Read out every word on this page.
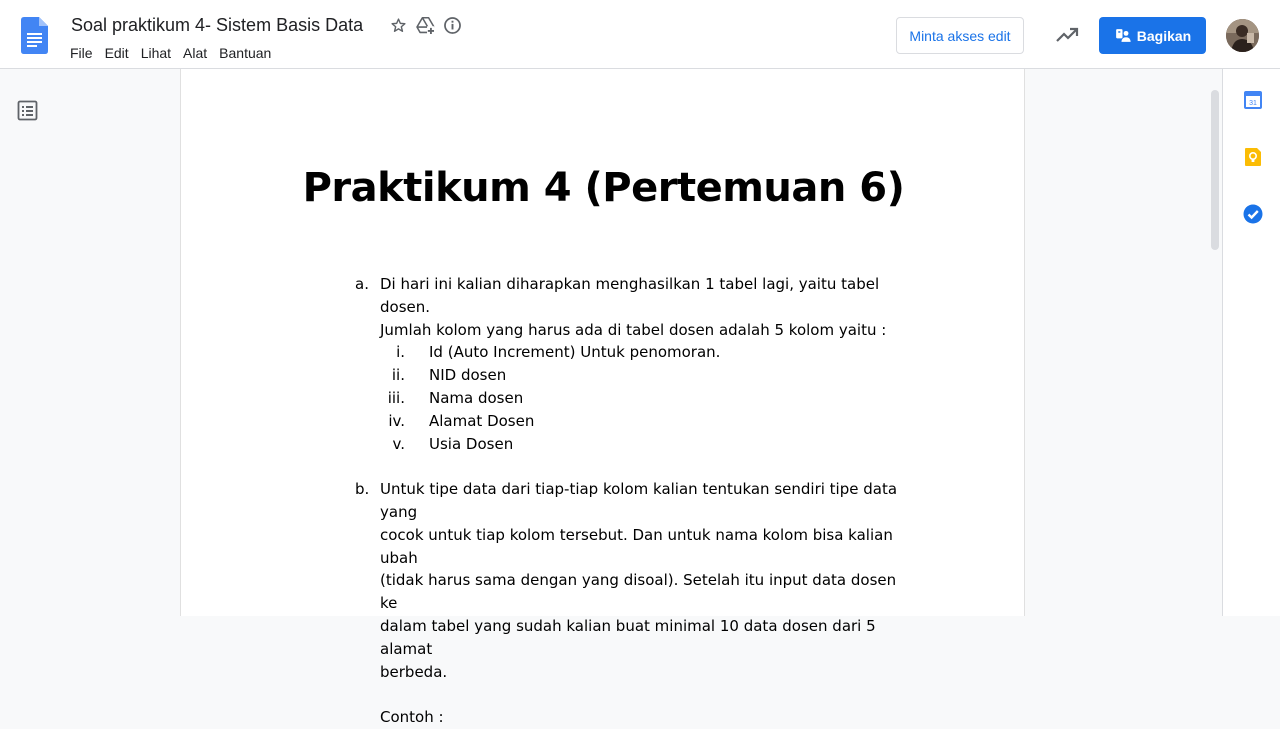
Soal praktikum 4- Sistem Basis Data
File Edit Lihat Alat Bantuan
Minta akses edit	Bagikan
Praktikum 4 (Pertemuan 6)
a. Di hari ini kalian diharapkan menghasilkan 1 tabel lagi, yaitu tabel dosen.
Jumlah kolom yang harus ada di tabel dosen adalah 5 kolom yaitu :
i. Id (Auto Increment) Untuk penomoran.
ii. NID dosen
iii. Nama dosen
iv. Alamat Dosen
v. Usia Dosen
b. Untuk tipe data dari tiap-tiap kolom kalian tentukan sendiri tipe data yang
cocok untuk tiap kolom tersebut. Dan untuk nama kolom bisa kalian ubah
(tidak harus sama dengan yang disoal). Setelah itu input data dosen ke
dalam tabel yang sudah kalian buat minimal 10 data dosen dari 5 alamat
berbeda.
Contoh :
31
